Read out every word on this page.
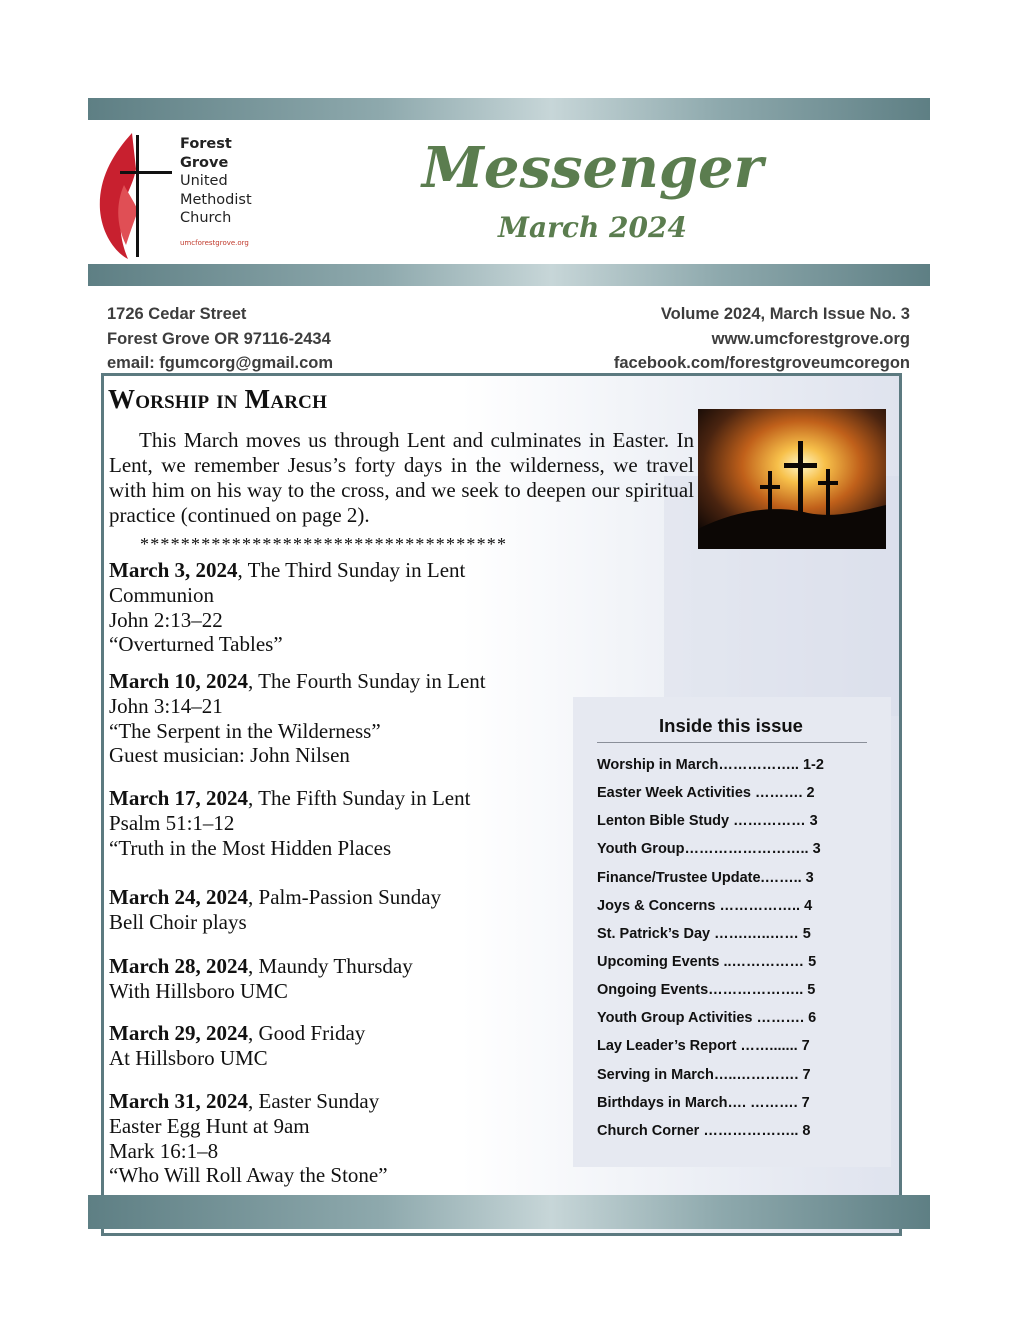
Forest
Grove
United
Methodist
Church
umcforestgrove.org
Messenger
March 2024
1726 Cedar Street
Forest Grove OR 97116-2434
email: fgumcorg@gmail.com
Volume 2024, March Issue No. 3
www.umcforestgrove.org
facebook.com/forestgroveumcoregon
Worship in March
This March moves us through Lent and culminates in Easter. In Lent, we remember Jesus’s forty days in the wilderness, we travel with him on his way to the cross, and we seek to deepen our spiritual practice (continued on page 2).
************************************
March 3, 2024, The Third Sunday in Lent
Communion
John 2:13–22
“Overturned Tables”
March 10, 2024, The Fourth Sunday in Lent
John 3:14–21
“The Serpent in the Wilderness”
Guest musician: John Nilsen
March 17, 2024, The Fifth Sunday in Lent
Psalm 51:1–12
“Truth in the Most Hidden Places
March 24, 2024, Palm-Passion Sunday
Bell Choir plays
March 28, 2024, Maundy Thursday
With Hillsboro UMC
March 29, 2024, Good Friday
At Hillsboro UMC
March 31, 2024, Easter Sunday
Easter Egg Hunt at 9am
Mark 16:1–8
“Who Will Roll Away the Stone”
Inside this issue
Worship in March…………….. 1-2
Easter Week Activities ………. 2
Lenton Bible Study …………… 3
Youth Group…………………….. 3
Finance/Trustee Update.…….. 3
Joys & Concerns …………….. 4
St. Patrick’s Day …….…..…… 5
Upcoming Events ..…………… 5
Ongoing Events……………….. 5
Youth Group Activities ………. 6
Lay Leader’s Report ……....... 7
Serving in March…..…………. 7
Birthdays in March…. ………. 7
Church Corner ……………….. 8
